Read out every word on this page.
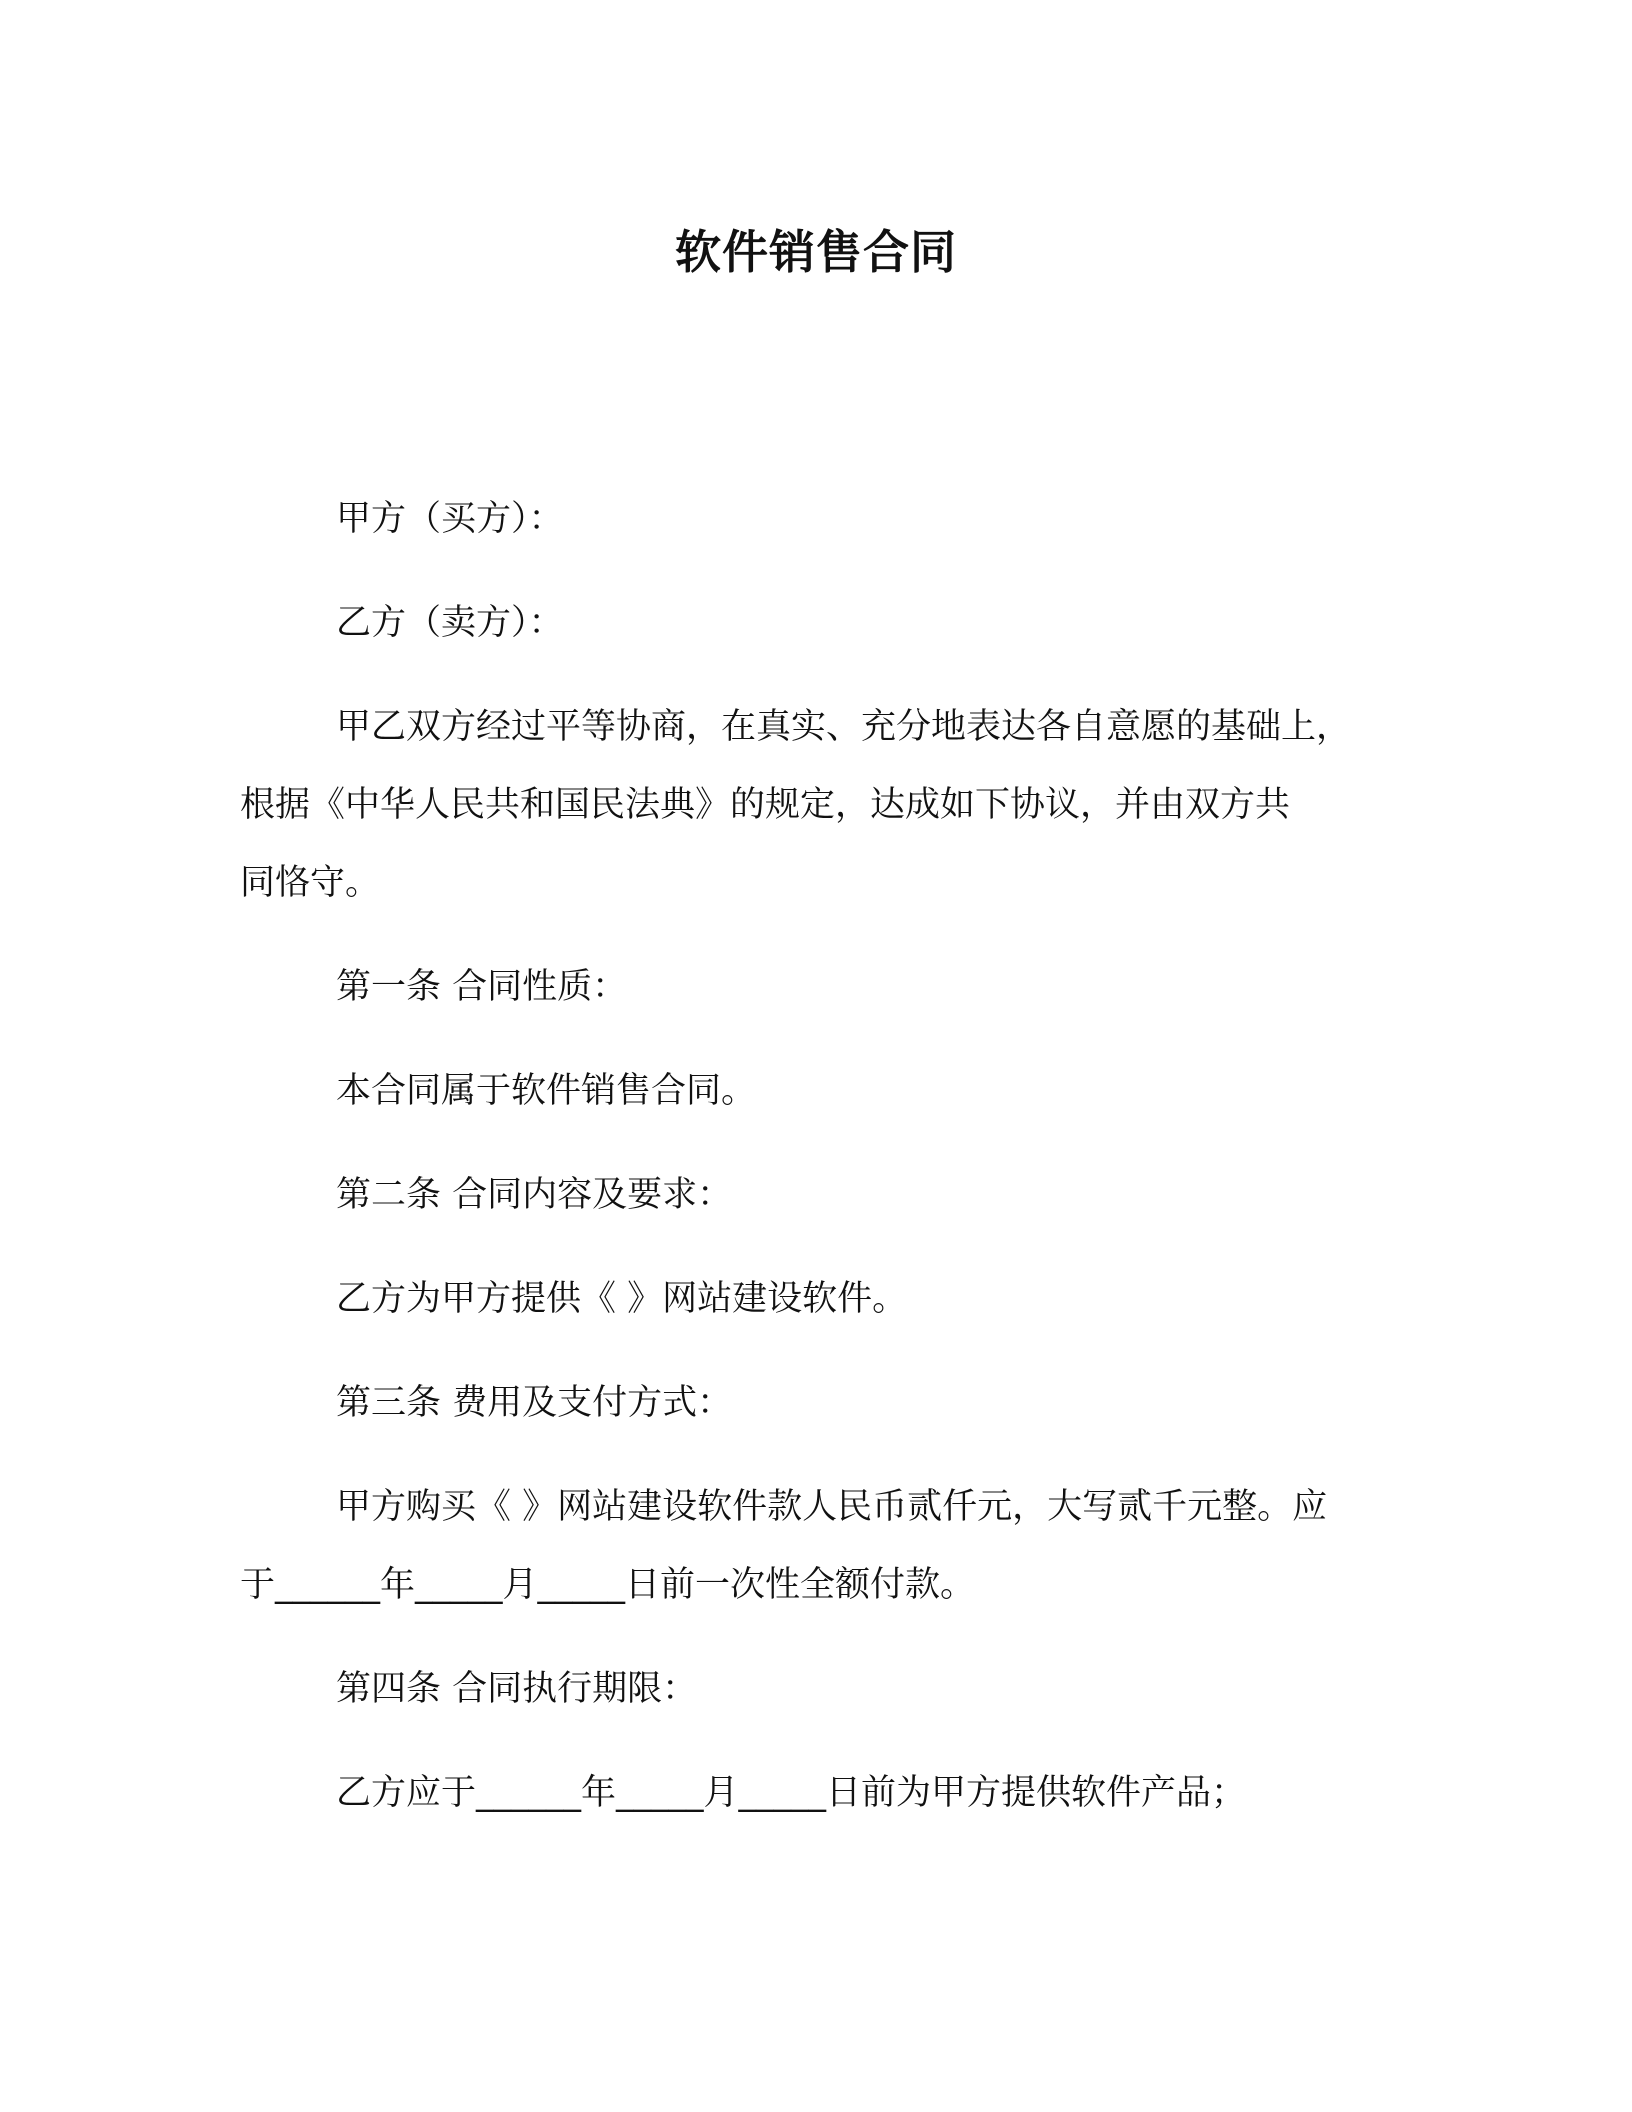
软件销售合同

甲方（买方）：

乙方（卖方）：

甲乙双方经过平等协商，在真实、充分地表达各自意愿的基础上，

根据《中华人民共和国民法典》的规定，达成如下协议，并由双方共

同恪守。

第一条 合同性质：

本合同属于软件销售合同。

第二条 合同内容及要求：

乙方为甲方提供《 》网站建设软件。

第三条 费用及支付方式：

甲方购买《 》网站建设软件款人民币贰仟元，大写贰千元整。应

于______年_____月_____日前一次性全额付款。

第四条 合同执行期限：

乙方应于______年_____月_____日前为甲方提供软件产品；
